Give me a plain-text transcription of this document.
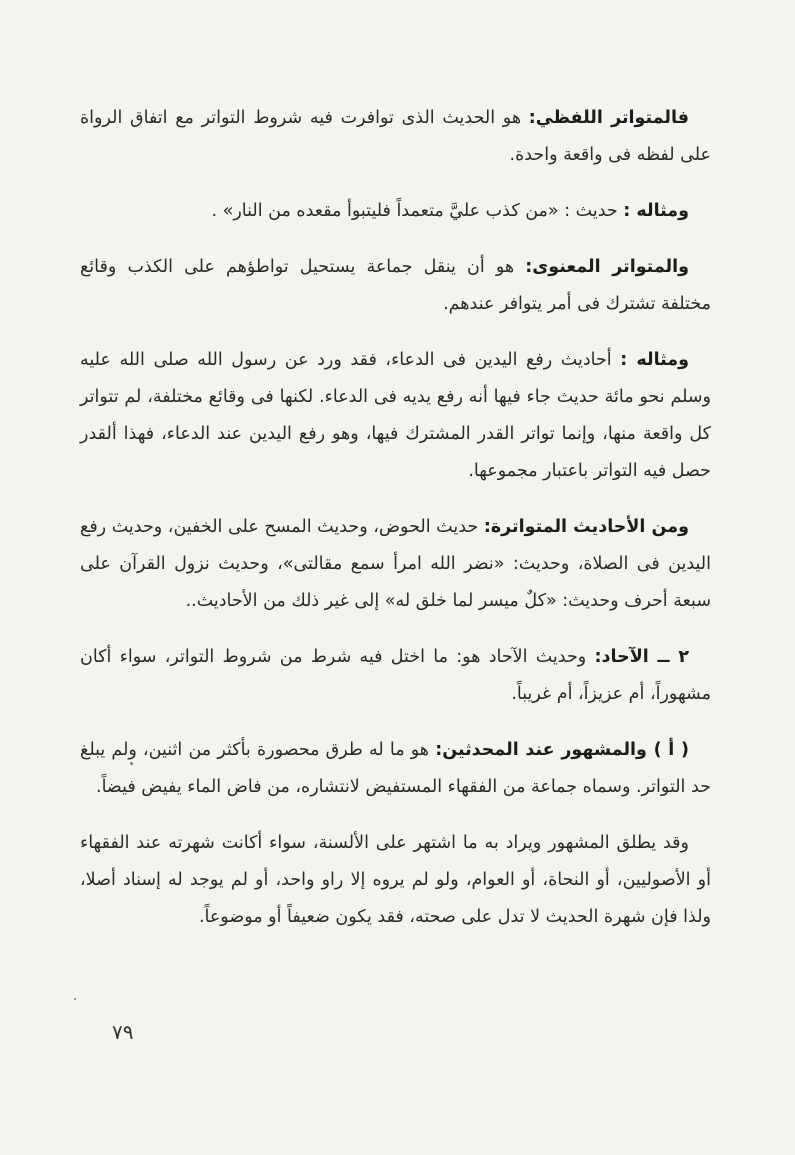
فالمتواتر اللفظي: هو الحديث الذى توافرت فيه شروط التواتر مع اتفاق الرواة على لفظه فى واقعة واحدة.

ومثاله : حديث : «من كذب عليَّ متعمداً فليتبوأ مقعده من النار» .

والمتواتر المعنوى: هو أن ينقل جماعة يستحيل تواطؤهم على الكذب وقائع مختلفة تشترك فى أمر يتوافر عندهم.

ومثاله : أحاديث رفع اليدين فى الدعاء، فقد ورد عن رسول الله صلى الله عليه وسلم نحو مائة حديث جاء فيها أنه رفع يديه فى الدعاء. لكنها فى وقائع مختلفة، لم تتواتر كل واقعة منها، وإنما تواتر القدر المشترك فيها، وهو رفع اليدين عند الدعاء، فهذا ألقدر حصل فيه التواتر باعتبار مجموعها.

ومن الأحاديث المتواترة: حديث الحوض، وحديث المسح على الخفين، وحديث رفع اليدين فى الصلاة، وحديث: «نضر الله امرأ سمع مقالتى»، وحديث نزول القرآن على سبعة أحرف وحديث: «كلٌ ميسر لما خلق له» إلى غير ذلك من الأحاديث..

٢ ــ الآحاد: وحديث الآحاد هو: ما اختل فيه شرط من شروط التواتر، سواء أكان مشهوراً، أم عزيزاً، أم غريباً.

( أ ) والمشهور عند المحدثين: هو ما له طرق محصورة بأكثر من اثنين، ولم يبلغ حد التواتر. وسماه جماعة من الفقهاء المستفيض لانتشاره، من فاض الماء يفيض فيضاً.

وقد يطلق المشهور ويراد به ما اشتهر على الألسنة، سواء أكانت شهرته عند الفقهاء أو الأصوليين، أو النحاة، أو العوام، ولو لم يروه إلا راو واحد، أو لم يوجد له إسناد أصلا، ولذا فإن شهرة الحديث لا تدل على صحته، فقد يكون ضعيفاً أو موضوعاً.

٧٩
